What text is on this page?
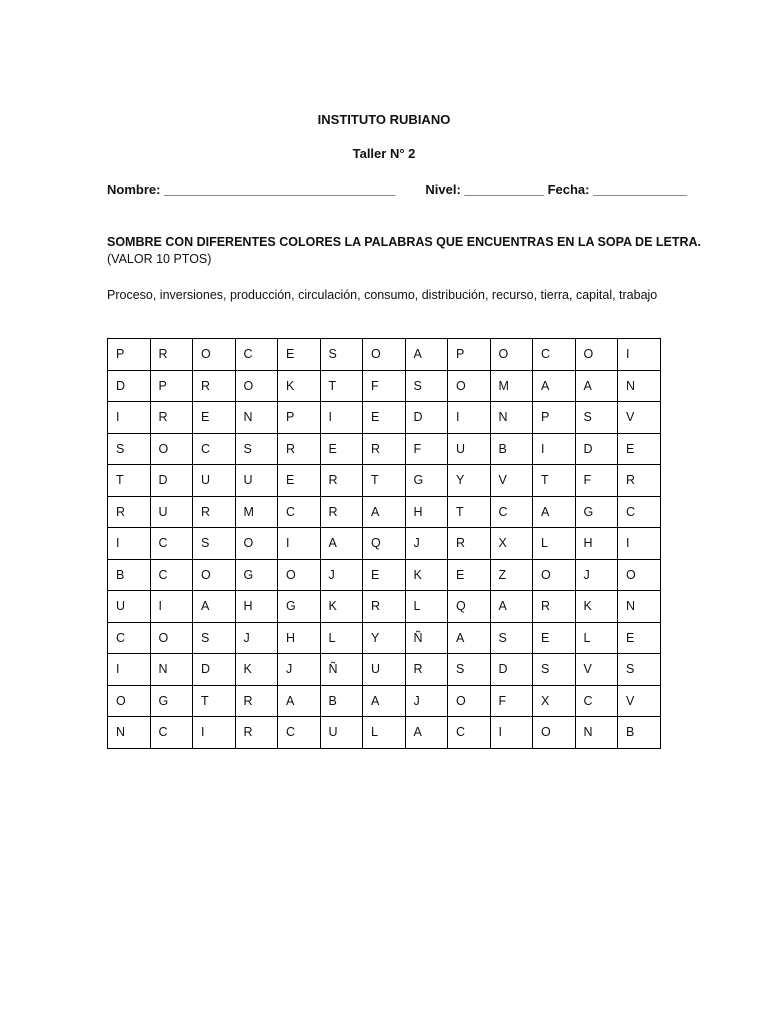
INSTITUTO RUBIANO
Taller N° 2
Nombre: ________________________________ Nivel: ___________ Fecha: _____________
SOMBRE CON DIFERENTES COLORES LA PALABRAS QUE ENCUENTRAS EN LA SOPA DE LETRA.
(VALOR 10 PTOS)
Proceso, inversiones, producción, circulación, consumo, distribución, recurso, tierra, capital, trabajo
P	R	O	C	E	S	O	A	P	O	C	O	I
D	P	R	O	K	T	F	S	O	M	A	A	N
I	R	E	N	P	I	E	D	I	N	P	S	V
S	O	C	S	R	E	R	F	U	B	I	D	E
T	D	U	U	E	R	T	G	Y	V	T	F	R
R	U	R	M	C	R	A	H	T	C	A	G	C
I	C	S	O	I	A	Q	J	R	X	L	H	I
B	C	O	G	O	J	E	K	E	Z	O	J	O
U	I	A	H	G	K	R	L	Q	A	R	K	N
C	O	S	J	H	L	Y	Ñ	A	S	E	L	E
I	N	D	K	J	Ñ	U	R	S	D	S	V	S
O	G	T	R	A	B	A	J	O	F	X	C	V
N	C	I	R	C	U	L	A	C	I	O	N	B
